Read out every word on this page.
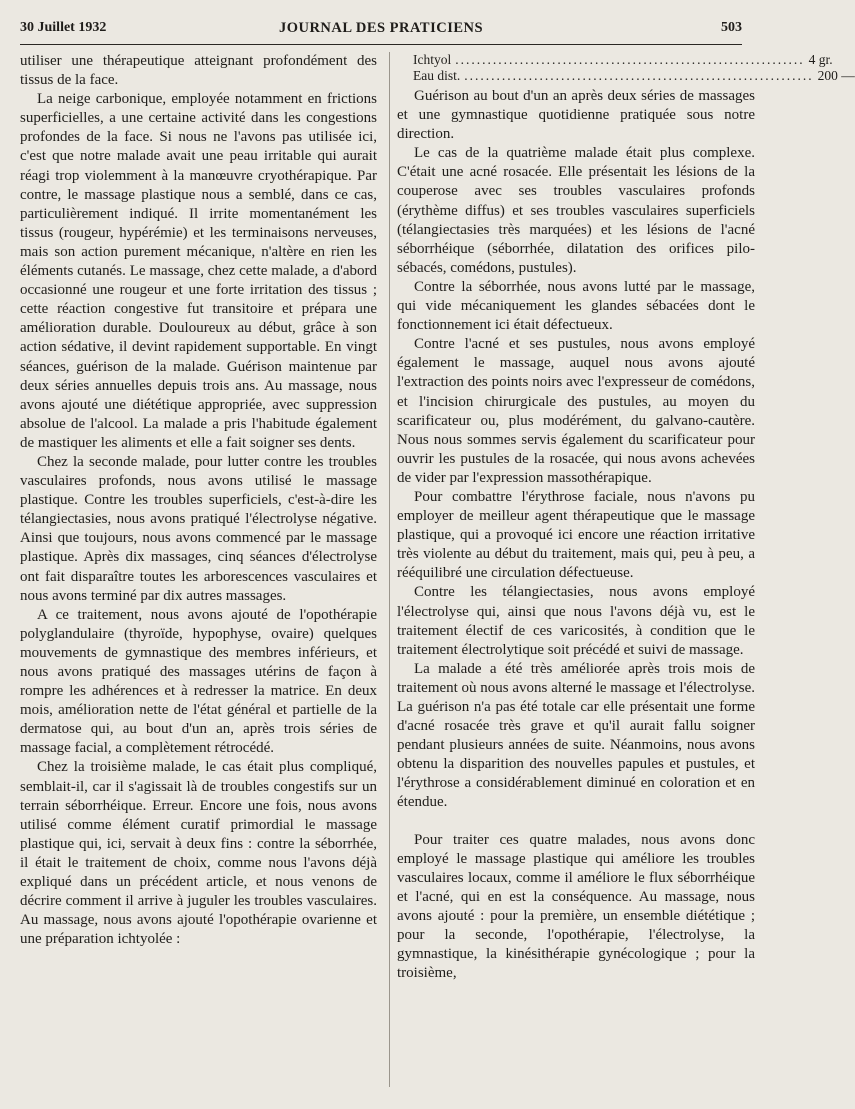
30 Juillet 1932	JOURNAL DES PRATICIENS	503

utiliser une thérapeutique atteignant profondément des tissus de la face.

La neige carbonique, employée notamment en frictions superficielles, a une certaine activité dans les congestions profondes de la face. Si nous ne l'avons pas utilisée ici, c'est que notre malade avait une peau irritable qui aurait réagi trop violemment à la manœuvre cryothérapique. Par contre, le massage plastique nous a semblé, dans ce cas, particulièrement indiqué. Il irrite momentanément les tissus (rougeur, hypérémie) et les terminaisons nerveuses, mais son action purement mécanique, n'altère en rien les éléments cutanés. Le massage, chez cette malade, a d'abord occasionné une rougeur et une forte irritation des tissus ; cette réaction congestive fut transitoire et prépara une amélioration durable. Douloureux au début, grâce à son action sédative, il devint rapidement supportable. En vingt séances, guérison de la malade. Guérison maintenue par deux séries annuelles depuis trois ans. Au massage, nous avons ajouté une diététique appropriée, avec suppression absolue de l'alcool. La malade a pris l'habitude également de mastiquer les aliments et elle a fait soigner ses dents.

Chez la seconde malade, pour lutter contre les troubles vasculaires profonds, nous avons utilisé le massage plastique. Contre les troubles superficiels, c'est-à-dire les télangiectasies, nous avons pratiqué l'électrolyse négative. Ainsi que toujours, nous avons commencé par le massage plastique. Après dix massages, cinq séances d'électrolyse ont fait disparaître toutes les arborescences vasculaires et nous avons terminé par dix autres massages.

A ce traitement, nous avons ajouté de l'opothérapie polyglandulaire (thyroïde, hypophyse, ovaire) quelques mouvements de gymnastique des membres inférieurs, et nous avons pratiqué des massages utérins de façon à rompre les adhérences et à redresser la matrice. En deux mois, amélioration nette de l'état général et partielle de la dermatose qui, au bout d'un an, après trois séries de massage facial, a complètement rétrocédé.

Chez la troisième malade, le cas était plus compliqué, semblait-il, car il s'agissait là de troubles congestifs sur un terrain séborrhéique. Erreur. Encore une fois, nous avons utilisé comme élément curatif primordial le massage plastique qui, ici, servait à deux fins : contre la séborrhée, il était le traitement de choix, comme nous l'avons déjà expliqué dans un précédent article, et nous venons de décrire comment il arrive à juguler les troubles vasculaires. Au massage, nous avons ajouté l'opothérapie ovarienne et une préparation ichtyolée :

Ichtyol ................................................................. 4 gr.
Eau dist. ................................................................. 200 —

Guérison au bout d'un an après deux séries de massages et une gymnastique quotidienne pratiquée sous notre direction.

Le cas de la quatrième malade était plus complexe. C'était une acné rosacée. Elle présentait les lésions de la couperose avec ses troubles vasculaires profonds (érythème diffus) et ses troubles vasculaires superficiels (télangiectasies très marquées) et les lésions de l'acné séborrhéique (séborrhée, dilatation des orifices pilo-sébacés, comédons, pustules).

Contre la séborrhée, nous avons lutté par le massage, qui vide mécaniquement les glandes sébacées dont le fonctionnement ici était défectueux.

Contre l'acné et ses pustules, nous avons employé également le massage, auquel nous avons ajouté l'extraction des points noirs avec l'expresseur de comédons, et l'incision chirurgicale des pustules, au moyen du scarificateur ou, plus modérément, du galvano-cautère. Nous nous sommes servis également du scarificateur pour ouvrir les pustules de la rosacée, qui nous avons achevées de vider par l'expression massothérapique.

Pour combattre l'érythrose faciale, nous n'avons pu employer de meilleur agent thérapeutique que le massage plastique, qui a provoqué ici encore une réaction irritative très violente au début du traitement, mais qui, peu à peu, a rééquilibré une circulation défectueuse.

Contre les télangiectasies, nous avons employé l'électrolyse qui, ainsi que nous l'avons déjà vu, est le traitement électif de ces varicosités, à condition que le traitement électrolytique soit précédé et suivi de massage.

La malade a été très améliorée après trois mois de traitement où nous avons alterné le massage et l'électrolyse. La guérison n'a pas été totale car elle présentait une forme d'acné rosacée très grave et qu'il aurait fallu soigner pendant plusieurs années de suite. Néanmoins, nous avons obtenu la disparition des nouvelles papules et pustules, et l'érythrose a considérablement diminué en coloration et en étendue.

Pour traiter ces quatre malades, nous avons donc employé le massage plastique qui améliore les troubles vasculaires locaux, comme il améliore le flux séborrhéique et l'acné, qui en est la conséquence. Au massage, nous avons ajouté : pour la première, un ensemble diététique ; pour la seconde, l'opothérapie, l'électrolyse, la gymnastique, la kinésithérapie gynécologique ; pour la troisième,
